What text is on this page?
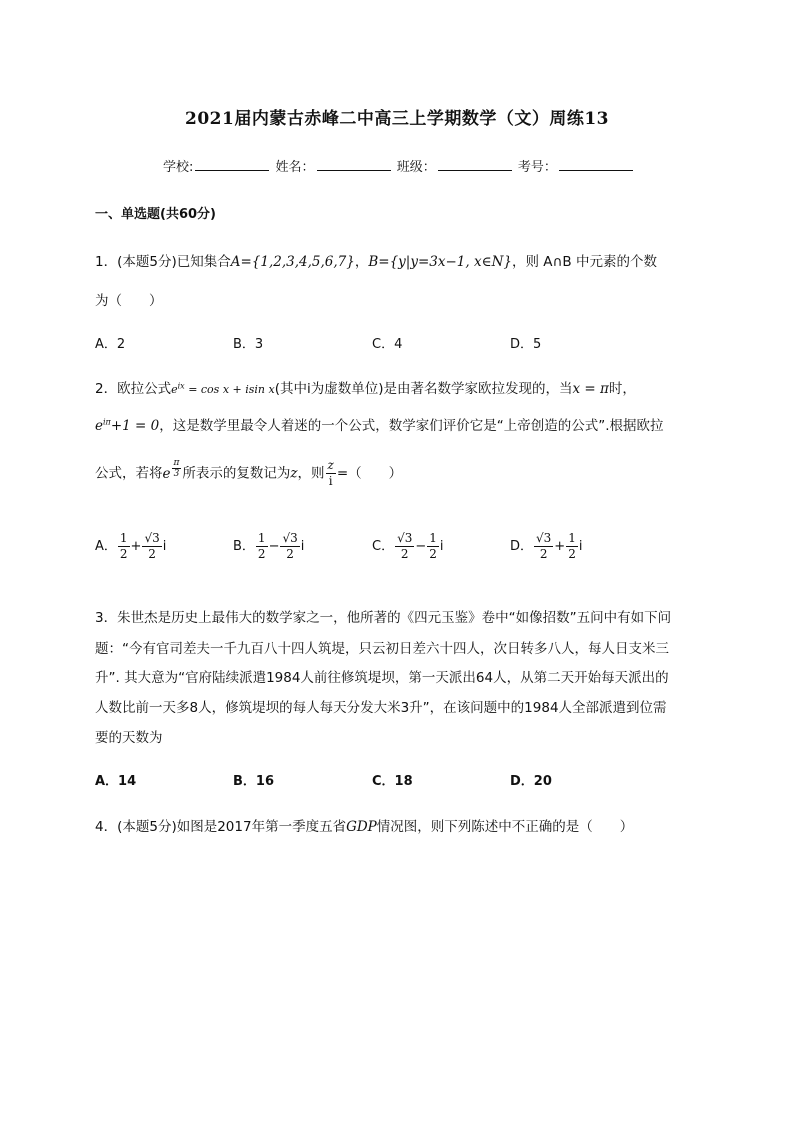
2021届内蒙古赤峰二中高三上学期数学（文）周练13
学校:	姓名：	班级：	考号：
一、单选题(共60分)
1．(本题5分)已知集合A={1,2,3,4,5,6,7}，B={y|y=3x−1, x∈N}，则 A∩B 中元素的个数
为（　　）
A．2	B．3	C．4	D．5
2．欧拉公式$e^{ix} = \cos x + isin$ x(其中i为虚数单位)是由著名数学家欧拉发现的，当x = π时，
$e^{i\pi}+1 = 0$，这是数学里最令人着迷的一个公式，数学家们评价它是“上帝创造的公式”.根据欧拉
公式，若将e $\frac{\pi}{3}$ 所表示的复数记为z，则 $\frac{z}{i}$ =（　　）
A． $\frac{1}{2} + \frac{√3}{2}$ i	B． $\frac{1}{2} - \frac{√3}{2}$ i	C． $\frac{√3}{2} - \frac{1}{2}$ i	D． $\frac{√3}{2} + \frac{1}{2}$ i
3．朱世杰是历史上最伟大的数学家之一，他所著的《四元玉鉴》卷中“如像招数”五问中有如下问
题：“今有官司差夫一千九百八十四人筑堤，只云初日差六十四人，次日转多八人，每人日支米三
升”. 其大意为“官府陆续派遣1984人前往修筑堤坝，第一天派出64人，从第二天开始每天派出的
人数比前一天多8人，修筑堤坝的每人每天分发大米3升”，在该问题中的1984人全部派遣到位需
要的天数为
A．14	B．16	C．18	D．20
4．(本题5分)如图是2017年第一季度五省GDP情况图，则下列陈述中不正确的是（　　）
